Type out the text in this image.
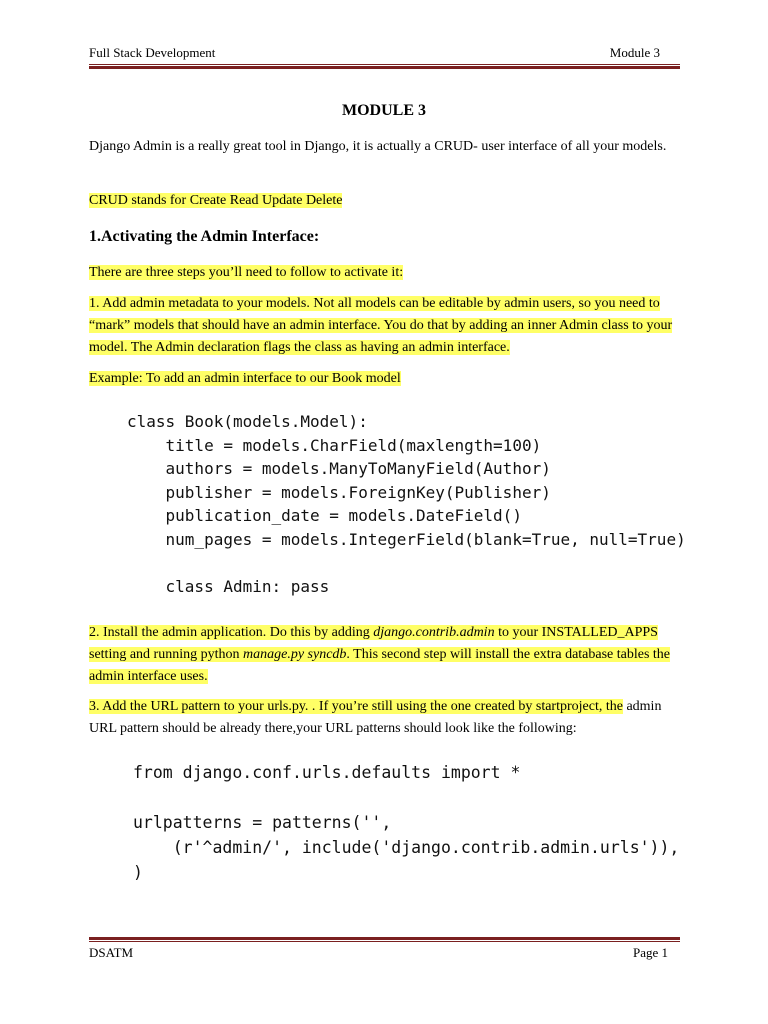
Full Stack Development	Module 3
MODULE 3

Django Admin is a really great tool in Django, it is actually a CRUD- user interface of all your models.

CRUD stands for Create Read Update Delete

1.Activating the Admin Interface:

There are three steps you’ll need to follow to activate it:

1. Add admin metadata to your models. Not all models can be editable by admin users, so you need to “mark” models that should have an admin interface. You do that by adding an inner Admin class to your model. The Admin declaration flags the class as having an admin interface.

Example: To add an admin interface to our Book model

class Book(models.Model):
title = models.CharField(maxlength=100)
authors = models.ManyToManyField(Author)
publisher = models.ForeignKey(Publisher)
publication_date = models.DateField()
num_pages = models.IntegerField(blank=True, null=True)

class Admin: pass

2. Install the admin application. Do this by adding django.contrib.admin to your INSTALLED_APPS setting and running python manage.py syncdb. This second step will install the extra database tables the admin interface uses.

3. Add the URL pattern to your urls.py. . If you’re still using the one created by startproject, the admin URL pattern should be already there,your URL patterns should look like the following:

from django.conf.urls.defaults import *

urlpatterns = patterns('',
(r'^admin/', include('django.contrib.admin.urls')),
)
DSATM	Page 1
